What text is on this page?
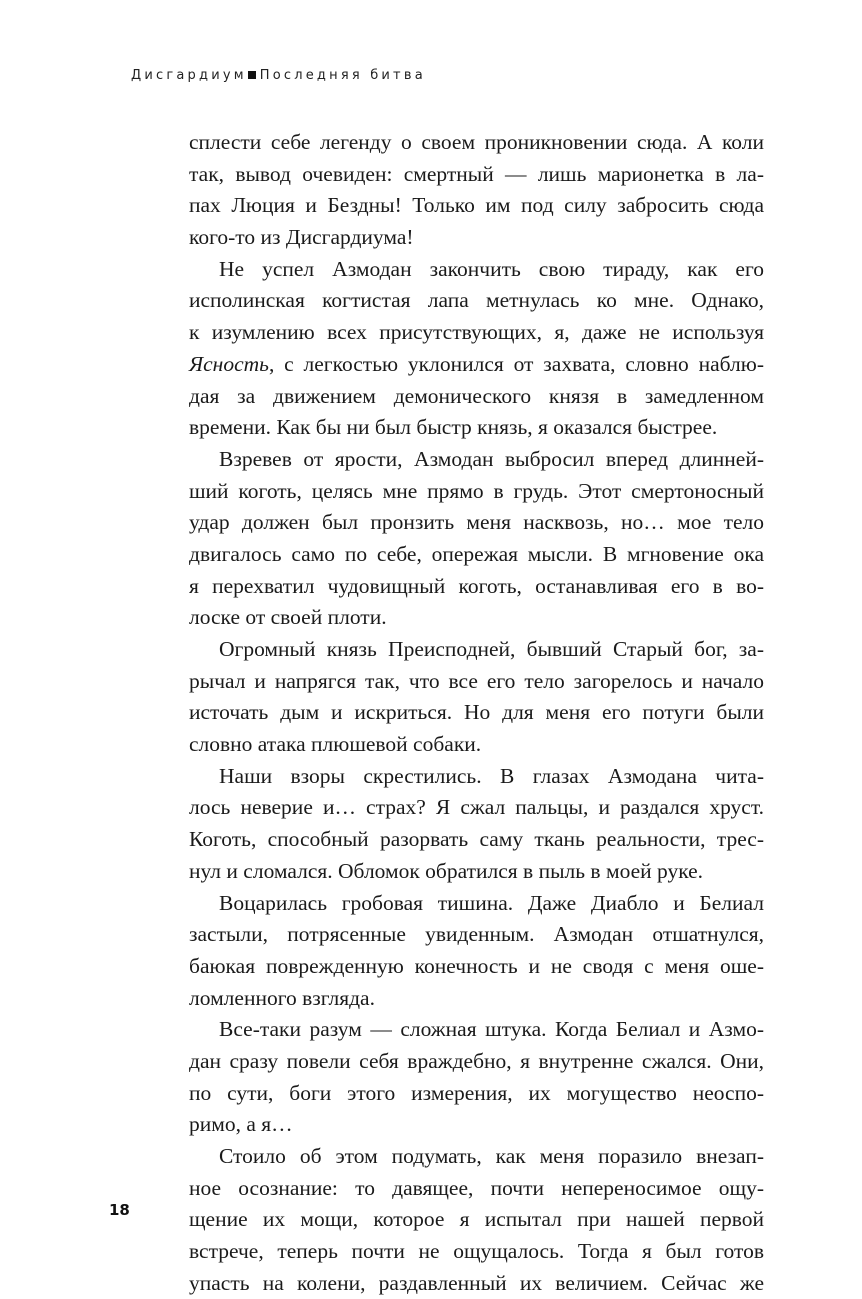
Дисгардиум Последняя битва
сплести себе легенду о своем проникновении сюда. А коли
так, вывод очевиден: смертный — лишь марионетка в ла-
пах Люция и Бездны! Только им под силу забросить сюда
кого-то из Дисгардиума!
Не успел Азмодан закончить свою тираду, как его
исполинская когтистая лапа метнулась ко мне. Однако,
к изумлению всех присутствующих, я, даже не используя
Ясность, с легкостью уклонился от захвата, словно наблю-
дая за движением демонического князя в замедленном
времени. Как бы ни был быстр князь, я оказался быстрее.
Взревев от ярости, Азмодан выбросил вперед длинней-
ший коготь, целясь мне прямо в грудь. Этот смертоносный
удар должен был пронзить меня насквозь, но… мое тело
двигалось само по себе, опережая мысли. В мгновение ока
я перехватил чудовищный коготь, останавливая его в во-
лоске от своей плоти.
Огромный князь Преисподней, бывший Старый бог, за-
рычал и напрягся так, что все его тело загорелось и начало
источать дым и искриться. Но для меня его потуги были
словно атака плюшевой собаки.
Наши взоры скрестились. В глазах Азмодана чита-
лось неверие и… страх? Я сжал пальцы, и раздался хруст.
Коготь, способный разорвать саму ткань реальности, трес-
нул и сломался. Обломок обратился в пыль в моей руке.
Воцарилась гробовая тишина. Даже Диабло и Белиал
застыли, потрясенные увиденным. Азмодан отшатнулся,
баюкая поврежденную конечность и не сводя с меня оше-
ломленного взгляда.
Все-таки разум — сложная штука. Когда Белиал и Азмо-
дан сразу повели себя враждебно, я внутренне сжался. Они,
по сути, боги этого измерения, их могущество неоспо-
римо, а я…
Стоило об этом подумать, как меня поразило внезап-
ное осознание: то давящее, почти непереносимое ощу-
щение их мощи, которое я испытал при нашей первой
встрече, теперь почти не ощущалось. Тогда я был готов
упасть на колени, раздавленный их величием. Сейчас же
18
